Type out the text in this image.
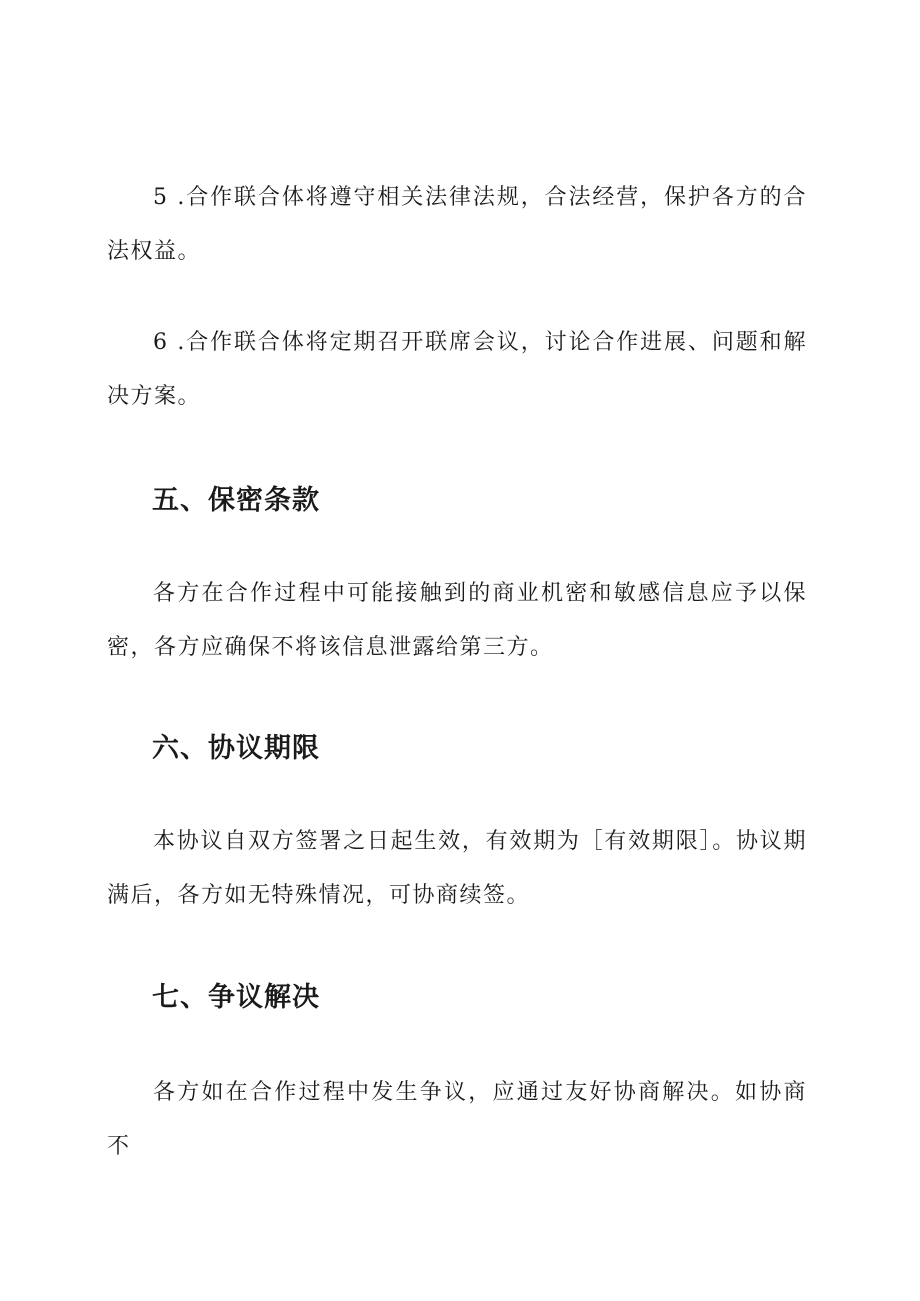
5 .合作联合体将遵守相关法律法规，合法经营，保护各方的合法权益。

6 .合作联合体将定期召开联席会议，讨论合作进展、问题和解决方案。

五、保密条款

各方在合作过程中可能接触到的商业机密和敏感信息应予以保密，各方应确保不将该信息泄露给第三方。

六、协议期限

本协议自双方签署之日起生效，有效期为［有效期限］。协议期满后，各方如无特殊情况，可协商续签。

七、争议解决

各方如在合作过程中发生争议，应通过友好协商解决。如协商不
